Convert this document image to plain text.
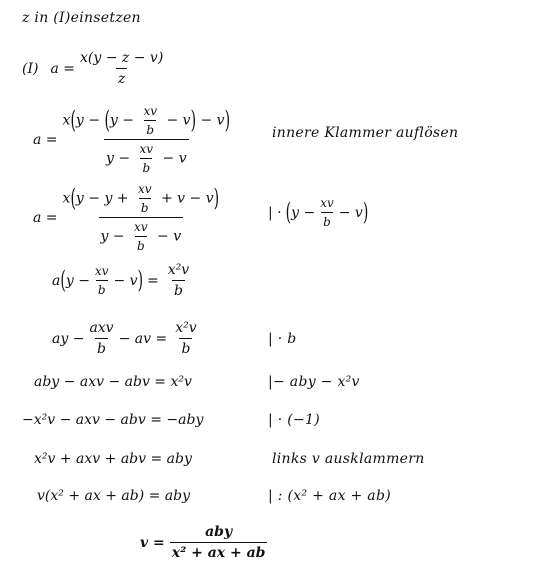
z in (I)einsetzen
(I) $a = \frac{x(y - z - v)}{z}$
$a = \frac{x(y - (y - \frac{xv}{b} - v) - v)}{y - \frac{xv}{b} - v}$	innere Klammer auflösen
$a = \frac{x(y - y + \frac{xv}{b} + v - v)}{y - \frac{xv}{b} - v}$	| · ( $y - \frac{xv}{b} - v$ )
a ( $y - \frac{xv}{b} - v$ ) = $\frac{\text{x²v}}{b}$
ay − $\frac{\text{axv}}{b}$ − av = $\frac{\text{x²v}}{b}$	| · b
aby − axv − abv = x²v	|− aby − x²v
−x²v − axv − abv = −aby	| · (−1)
x²v + axv + abv = aby	links v ausklammern
v(x² + ax + ab) = aby	| : (x² + ax + ab)
$v = \frac{\text{aby}}{\text{x² + ax + ab}}$
